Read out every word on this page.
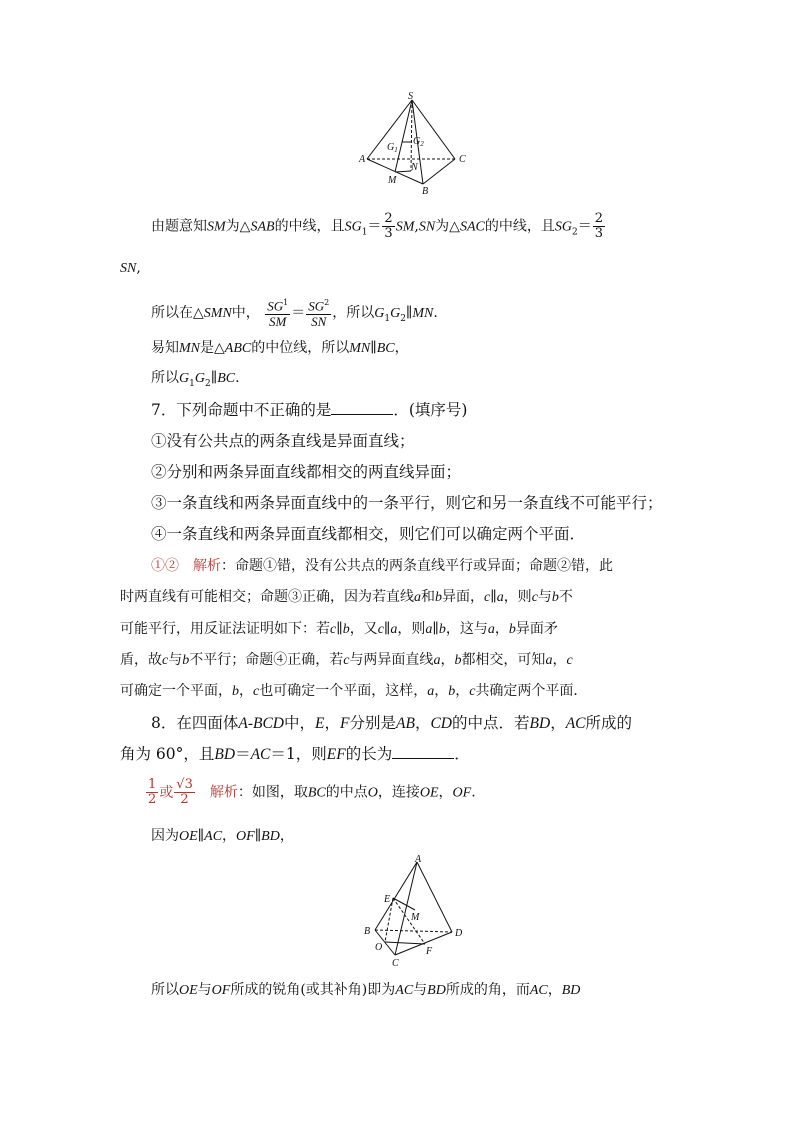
S
A	C
B
M
N
$G_1$
$G_2$
由题意知SM为△SAB的中线，且$SG_1= \frac{2}{3} SM,SN$为△SAC的中线，且$SG_2= \frac{2}{3}$
SN,
所以在△SMN中， $\frac{SG^1}{SM} = \frac{SG^2}{SN}$ ，所以$G_1G_2\parallel MN$.
易知MN是△ABC的中位线，所以MN∥BC，
所以$G_1G_2\parallel BC$.
7．下列命题中不正确的是	．(填序号)
①没有公共点的两条直线是异面直线；
②分别和两条异面直线都相交的两直线异面；
③一条直线和两条异面直线中的一条平行，则它和另一条直线不可能平行；
④一条直线和两条异面直线都相交，则它们可以确定两个平面．
①②　 解析：命题①错，没有公共点的两条直线平行或异面；命题②错，此
时两直线有可能相交；命题③正确，因为若直线a和b异面，c∥a，则c与b不
可能平行，用反证法证明如下：若c∥b，又c∥a，则a∥b，这与a，b异面矛
盾，故c与b不平行；命题④正确，若c与两异面直线a，b都相交，可知a，c
可确定一个平面，b，c也可确定一个平面，这样，a，b，c共确定两个平面．
8．在四面体A-BCD中，E，F分别是AB，CD的中点．若BD，AC所成的
角为 60°，且BD＝AC＝1，则EF的长为	．
$\frac{1}{2}$ 或 $\frac{√3}{2}$
　 解析：如图，取BC的中点O，连接OE，OF.
因为OE∥AC，OF∥BD，
A
B
C
D
E
F
M
O
所以OE与OF所成的锐角(或其补角)即为AC与BD所成的角，而AC，BD
